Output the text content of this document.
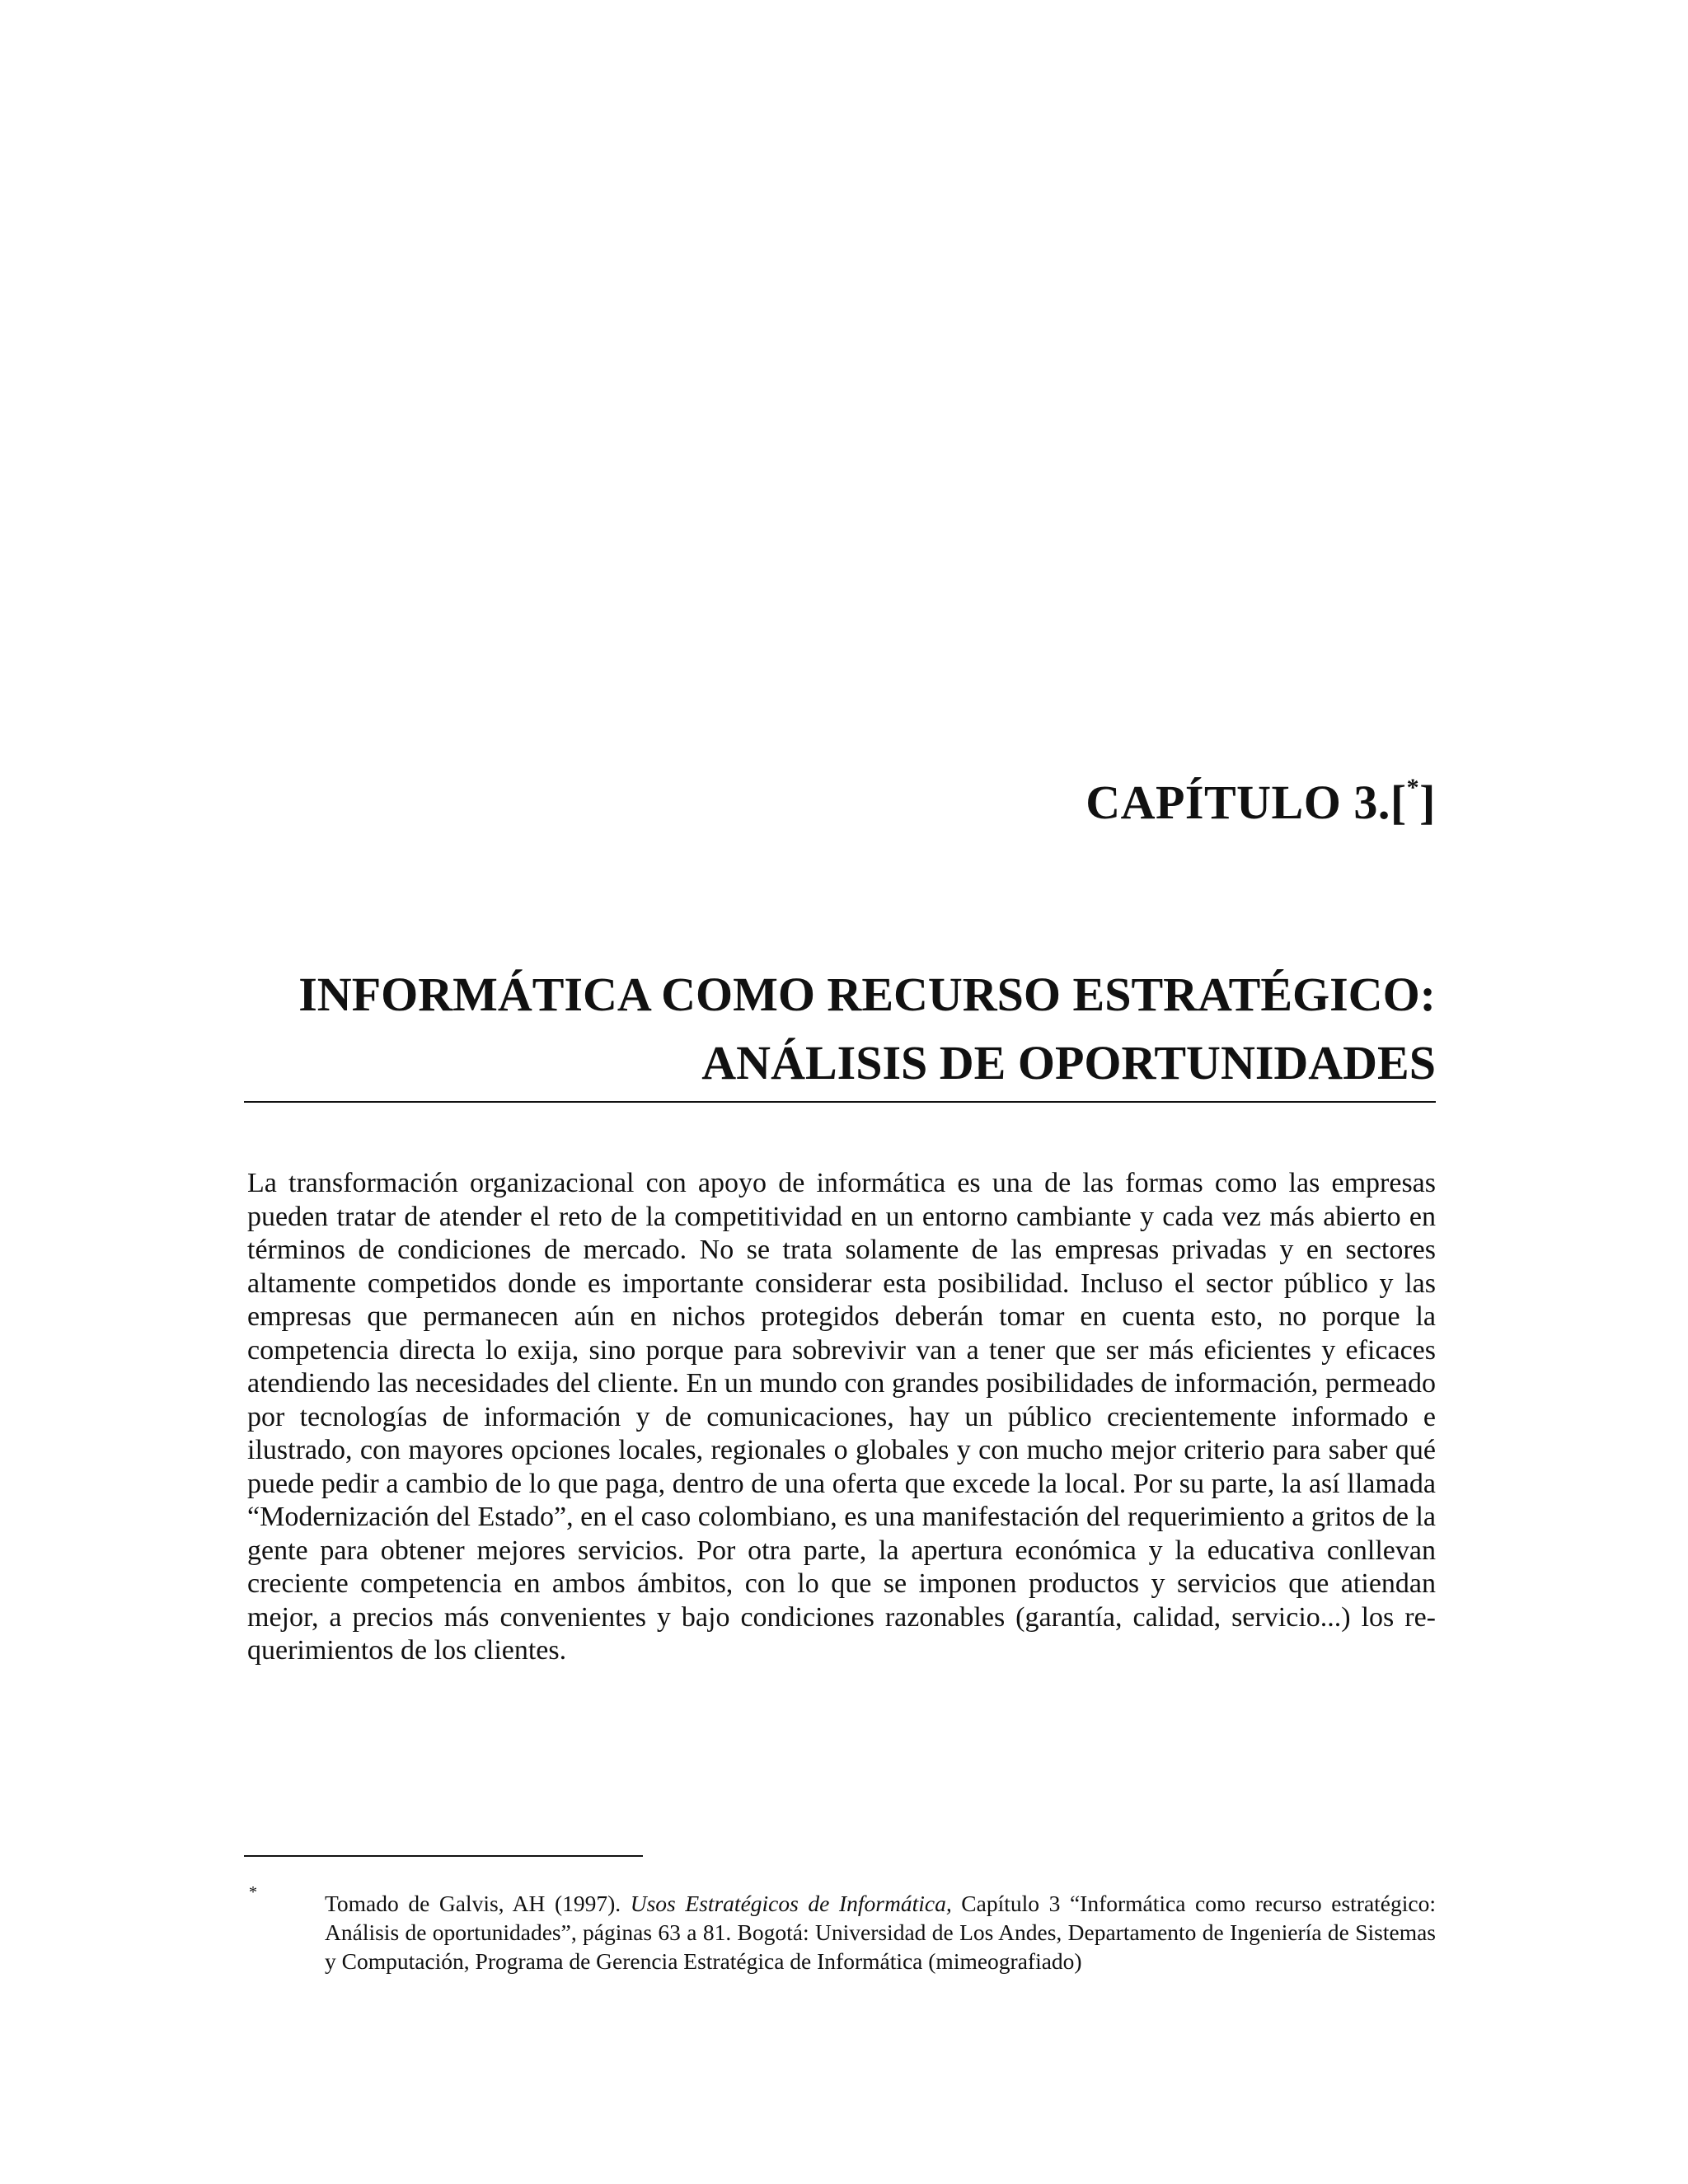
CAPÍTULO 3.[*]
INFORMÁTICA COMO RECURSO ESTRATÉGICO:
ANÁLISIS DE OPORTUNIDADES

La transformación organizacional con apoyo de informática es una de las formas como las empresas pueden tratar de atender el reto de la competitividad en un entorno cambiante y cada vez más abierto en términos de condiciones de mercado. No se trata solamente de las empresas privadas y en sectores altamente competidos donde es importante considerar esta posibilidad. Incluso el sector público y las empresas que permanecen aún en nichos protegidos deberán tomar en cuenta esto, no porque la competencia directa lo exija, sino porque para sobrevivir van a tener que ser más eficientes y eficaces atendiendo las necesidades del cliente. En un mundo con grandes posibilidades de información, permeado por tecnologías de información y de comunicaciones, hay un público crecientemente informado e ilustrado, con mayores opciones locales, regionales o globales y con mucho mejor criterio para saber qué puede pedir a cambio de lo que paga, dentro de una oferta que excede la local. Por su parte, la así llamada “Modernización del Estado”, en el caso colombiano, es una manifestación del requerimiento a gritos de la gente para obtener mejores servicios. Por otra parte, la apertura económica y la educativa conllevan creciente competencia en ambos ámbitos, con lo que se imponen productos y servicios que atiendan mejor, a precios más convenientes y bajo condiciones razonables (garantía, calidad, servicio...) los requerimientos de los clientes.

*	Tomado de Galvis, AH (1997). Usos Estratégicos de Informática, Capítulo 3 “Informática como recurso estratégico: Análisis de oportunidades”, páginas 63 a 81. Bogotá: Universidad de Los Andes, Departamento de Ingeniería de Sistemas y Computación, Programa de Gerencia Estratégica de Informática (mimeografiado)
